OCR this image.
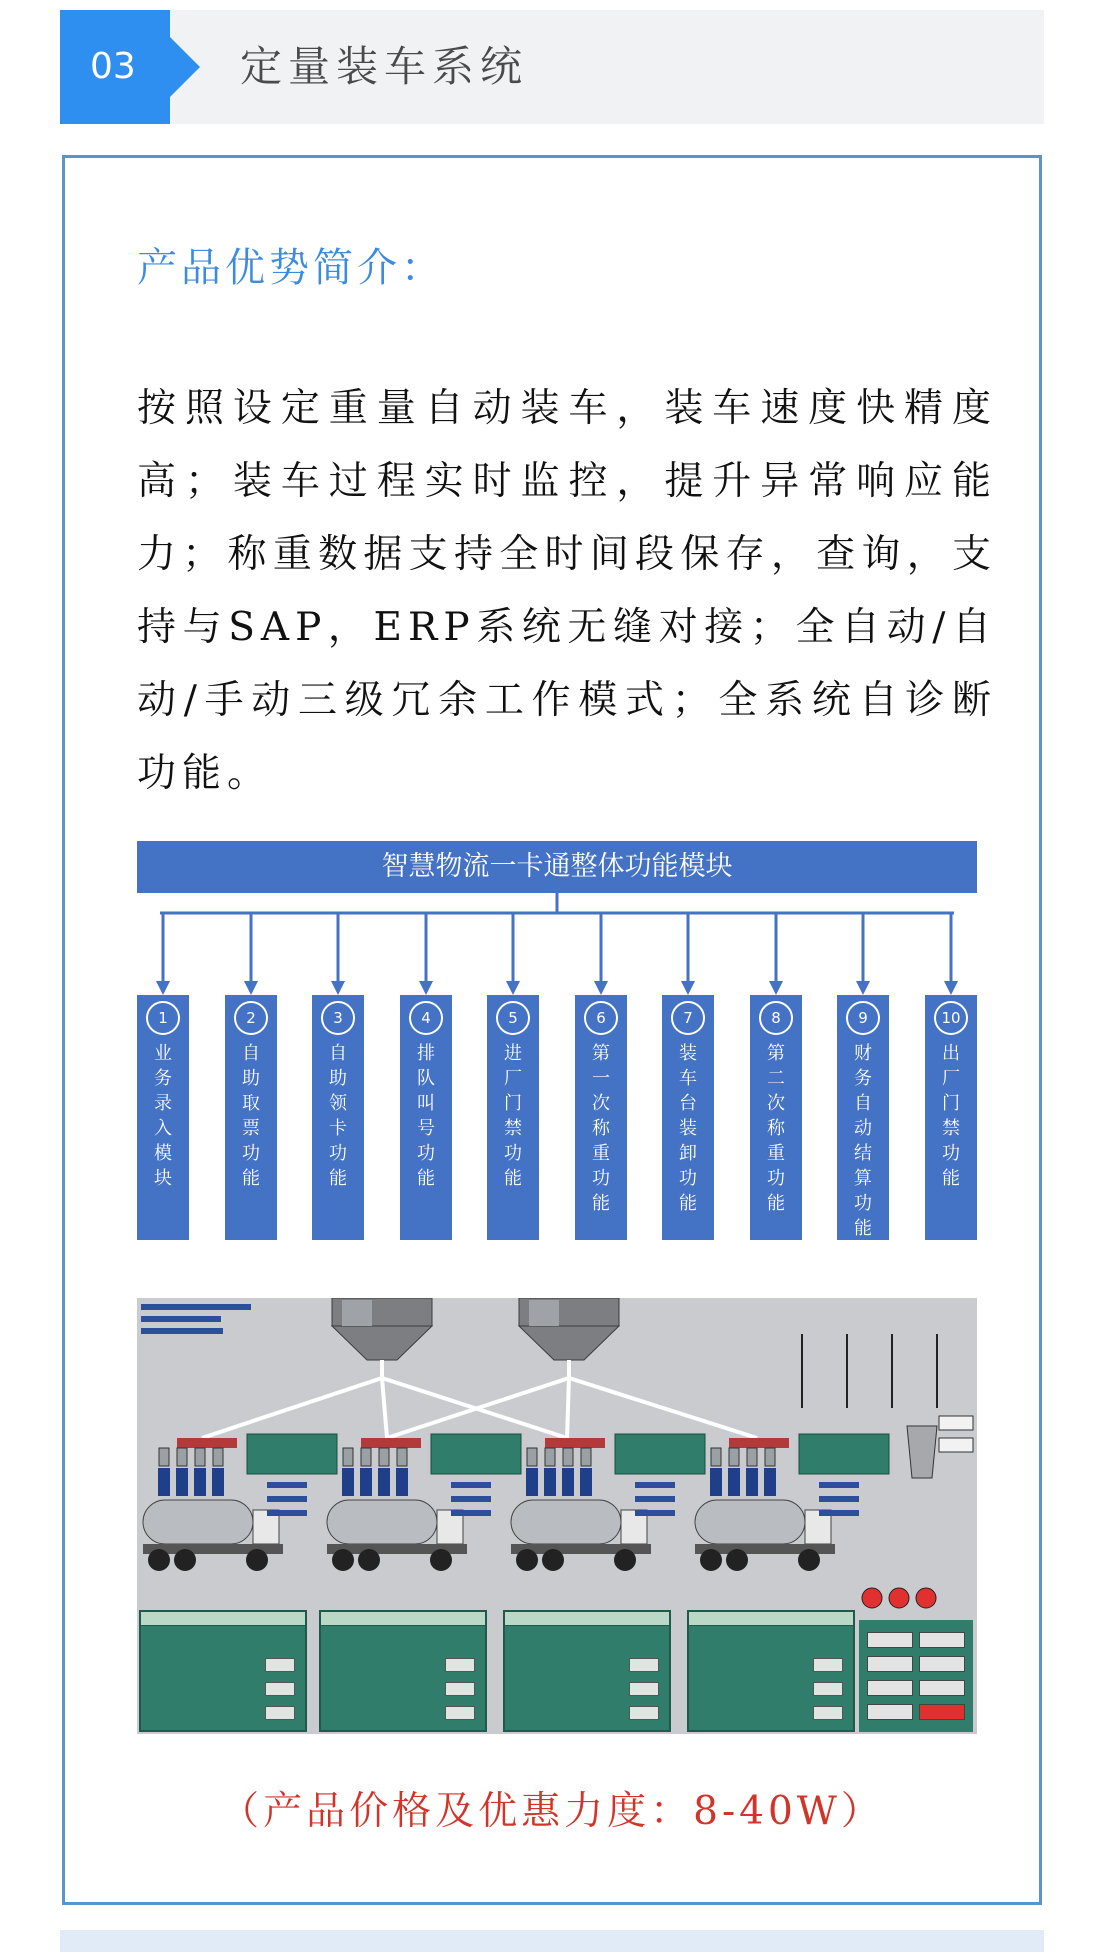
03	定量装车系统
产品优势简介：
按照设定重量自动装车，装车速度快精度高；装车过程实时监控，提升异常响应能力；称重数据支持全时间段保存，查询，支持与SAP，ERP系统无缝对接；全自动/自动/手动三级冗余工作模式；全系统自诊断功能。
智慧物流一卡通整体功能模块
1
业务录入模块
2
自助取票功能
3
自助领卡功能
4
排队叫号功能
5
进厂门禁功能
6
第一次称重功能
7
装车台装卸功能
8
第二次称重功能
9
财务自动结算功能
10
出厂门禁功能
（产品价格及优惠力度：8-40W）
